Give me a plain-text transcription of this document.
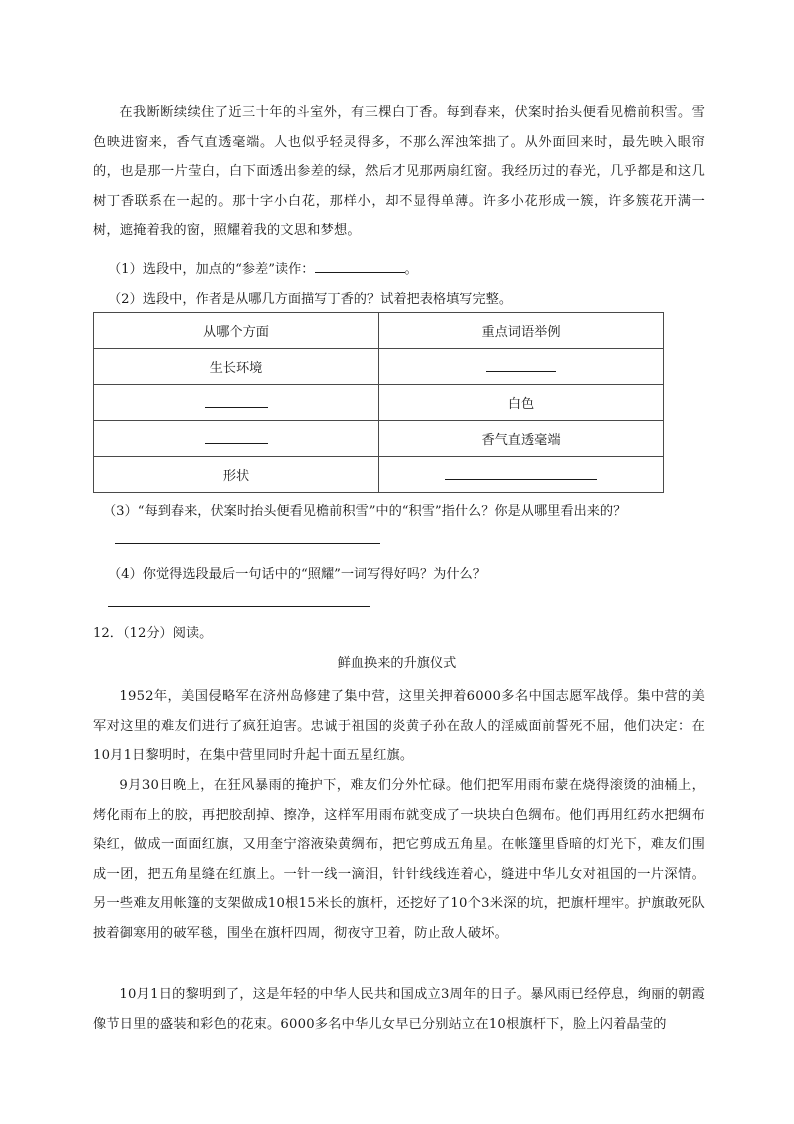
在我断断续续住了近三十年的斗室外，有三棵白丁香。每到春来，伏案时抬头便看见檐前积雪。雪色映进窗来，香气直透毫端。人也似乎轻灵得多，不那么浑浊笨拙了。从外面回来时，最先映入眼帘的，也是那一片莹白，白下面透出参差的绿，然后才见那两扇红窗。我经历过的春光，几乎都是和这几树丁香联系在一起的。那十字小白花，那样小，却不显得单薄。许多小花形成一簇，许多簇花开满一树，遮掩着我的窗，照耀着我的文思和梦想。

（1）选段中，加点的“参差”读作：	。

（2）选段中，作者是从哪几方面描写丁香的？试着把表格填写完整。

从哪个方面	重点词语举例
生长环境	
	白色
	香气直透毫端
形状	

（3）“每到春来，伏案时抬头便看见檐前积雪”中的“积雪”指什么？你是从哪里看出来的？

（4）你觉得选段最后一句话中的“照耀”一词写得好吗？为什么？

12．（12分）阅读。

鲜血换来的升旗仪式

1952年，美国侵略军在济州岛修建了集中营，这里关押着6000多名中国志愿军战俘。集中营的美军对这里的难友们进行了疯狂迫害。忠诚于祖国的炎黄子孙在敌人的淫威面前誓死不屈，他们决定：在10月1日黎明时，在集中营里同时升起十面五星红旗。

9月30日晚上，在狂风暴雨的掩护下，难友们分外忙碌。他们把军用雨布蒙在烧得滚烫的油桶上，烤化雨布上的胶，再把胶刮掉、擦净，这样军用雨布就变成了一块块白色绸布。他们再用红药水把绸布染红，做成一面面红旗，又用奎宁溶液染黄绸布，把它剪成五角星。在帐篷里昏暗的灯光下，难友们围成一团，把五角星缝在红旗上。一针一线一滴泪，针针线线连着心，缝进中华儿女对祖国的一片深情。另一些难友用帐篷的支架做成10根15米长的旗杆，还挖好了10个3米深的坑，把旗杆埋牢。护旗敢死队披着御寒用的破军毯，围坐在旗杆四周，彻夜守卫着，防止敌人破坏。

10月1日的黎明到了，这是年轻的中华人民共和国成立3周年的日子。暴风雨已经停息，绚丽的朝霞像节日里的盛装和彩色的花束。6000多名中华儿女早已分别站立在10根旗杆下，脸上闪着晶莹的
